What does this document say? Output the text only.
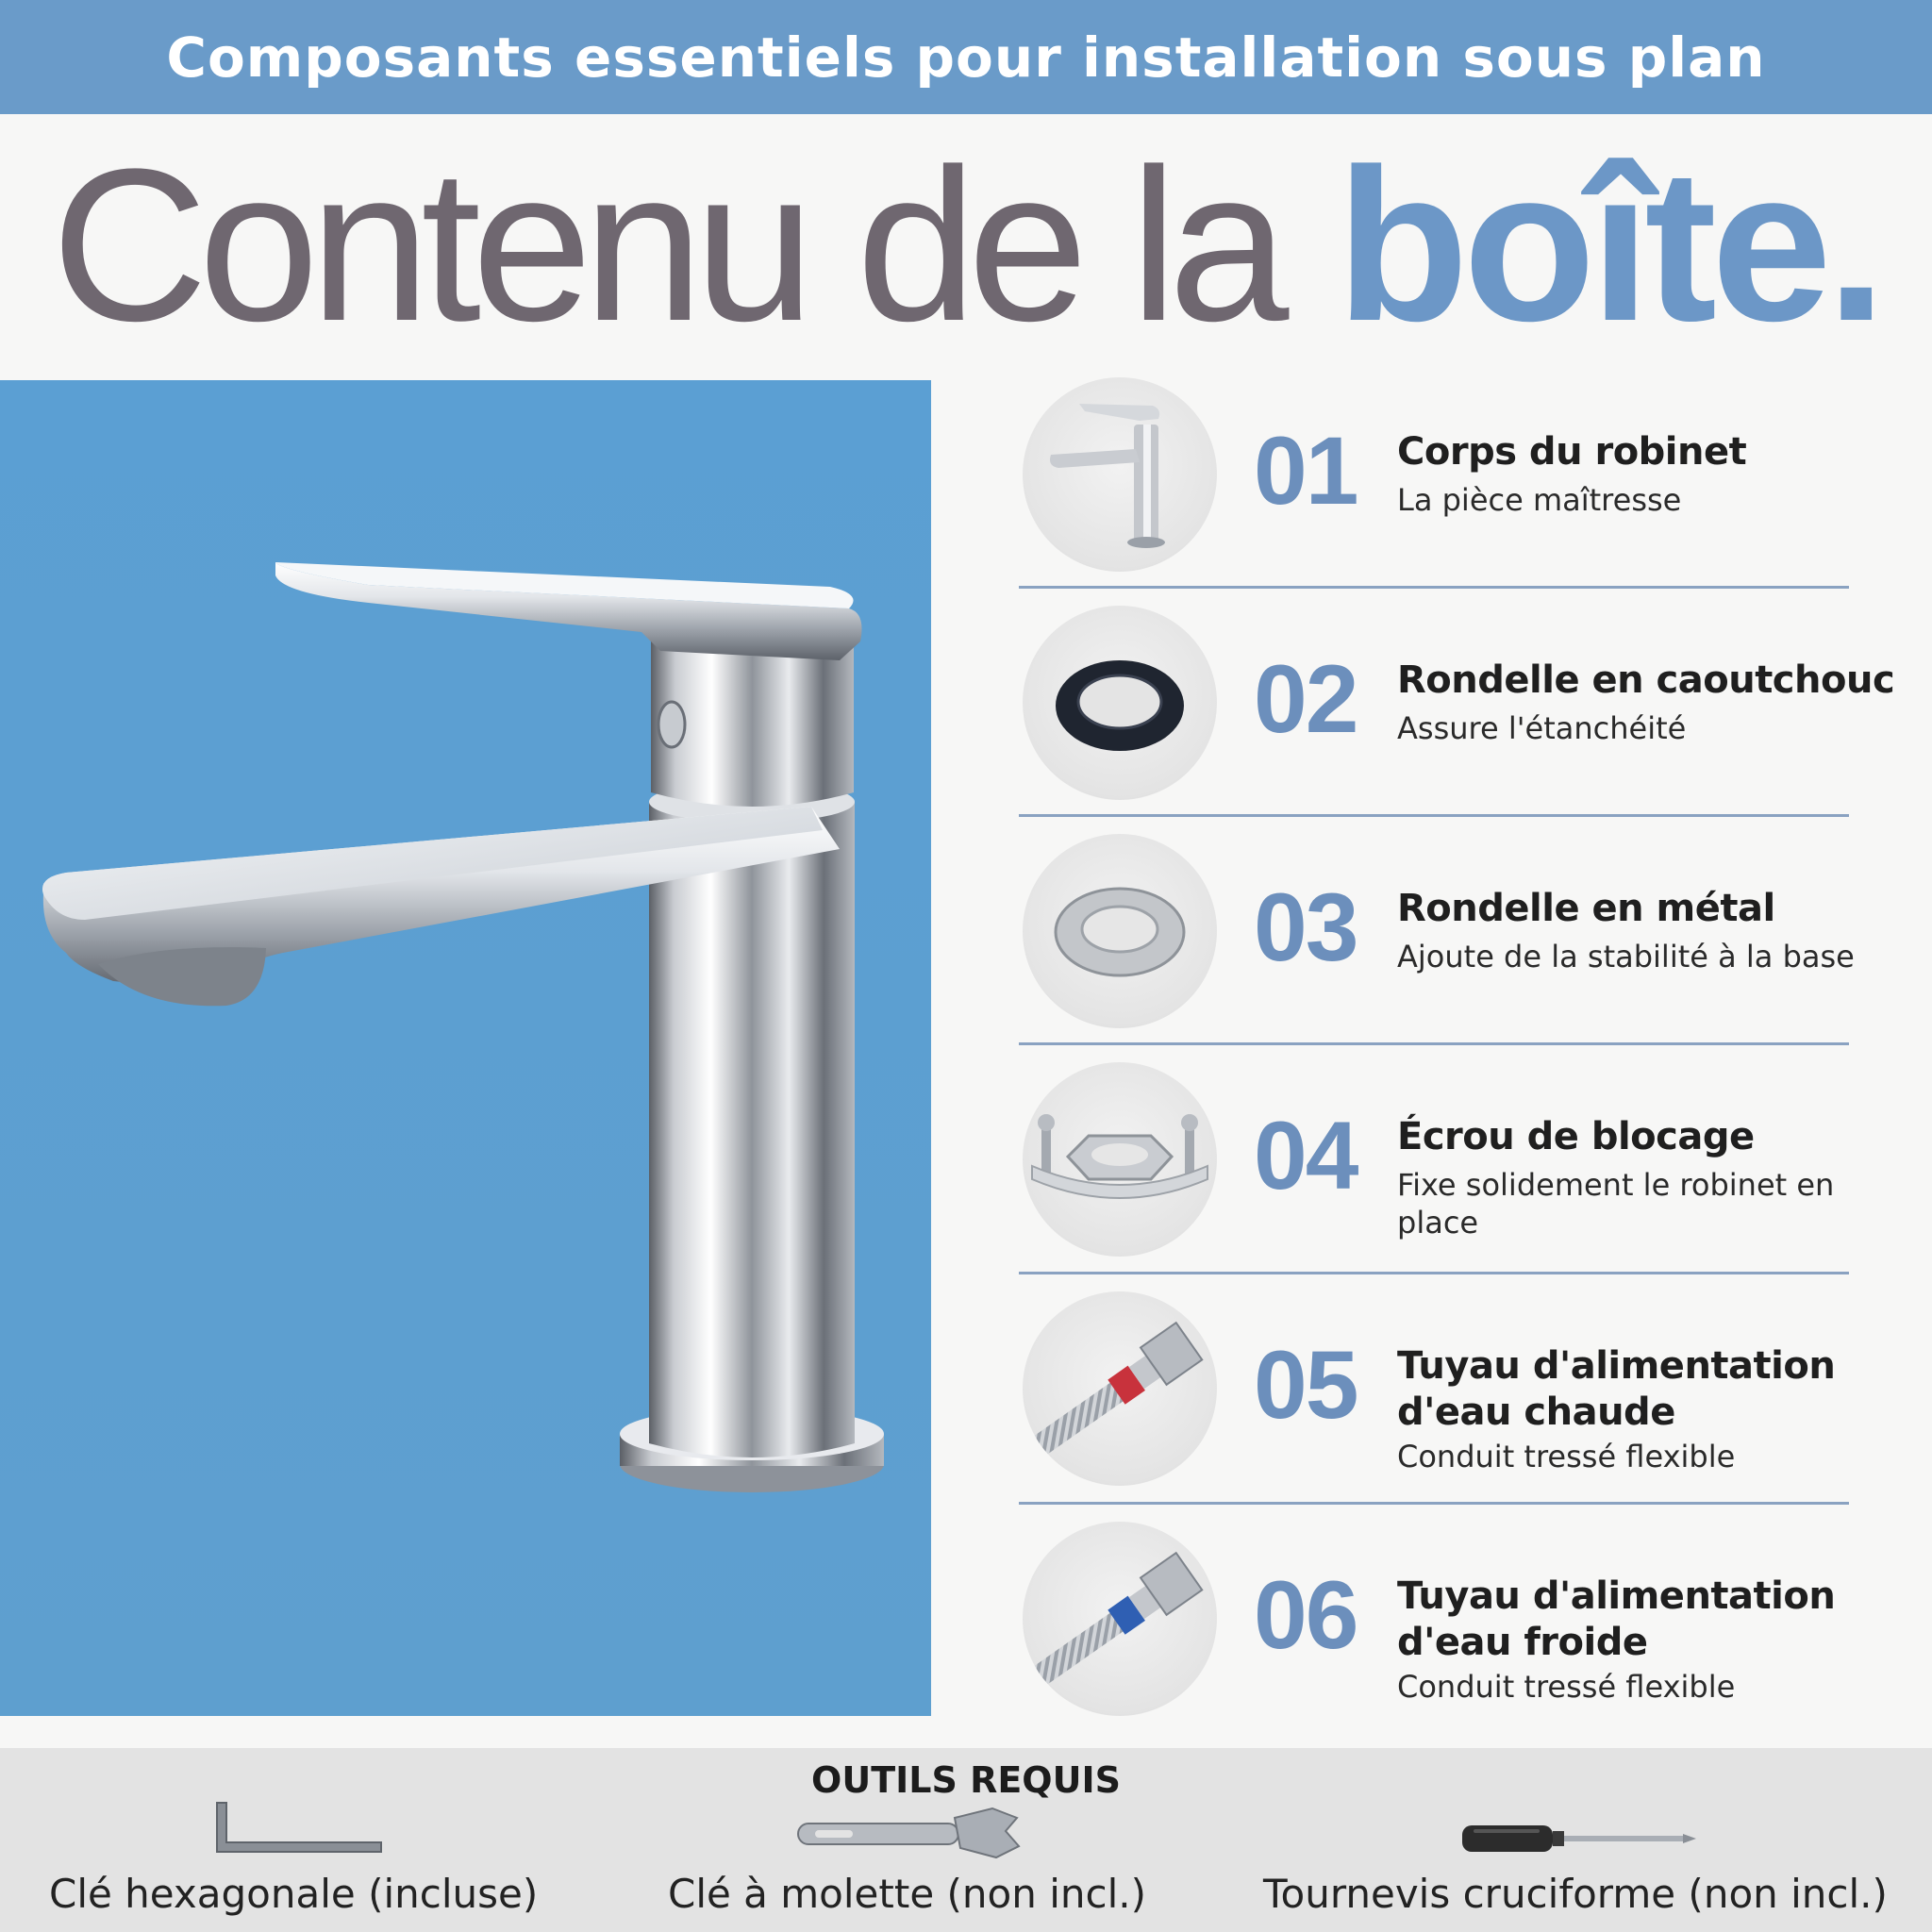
Composants essentiels pour installation sous plan
Contenu de la boîte.
01 Corps du robinet
La pièce maîtresse
02 Rondelle en caoutchouc
Assure l'étanchéité
03 Rondelle en métal
Ajoute de la stabilité à la base
04 Écrou de blocage
Fixe solidement le robinet en place
05 Tuyau d'alimentation d'eau chaude
Conduit tressé flexible
06 Tuyau d'alimentation d'eau froide
Conduit tressé flexible
OUTILS REQUIS
Clé hexagonale (incluse)	Clé à molette (non incl.)	Tournevis cruciforme (non incl.)
